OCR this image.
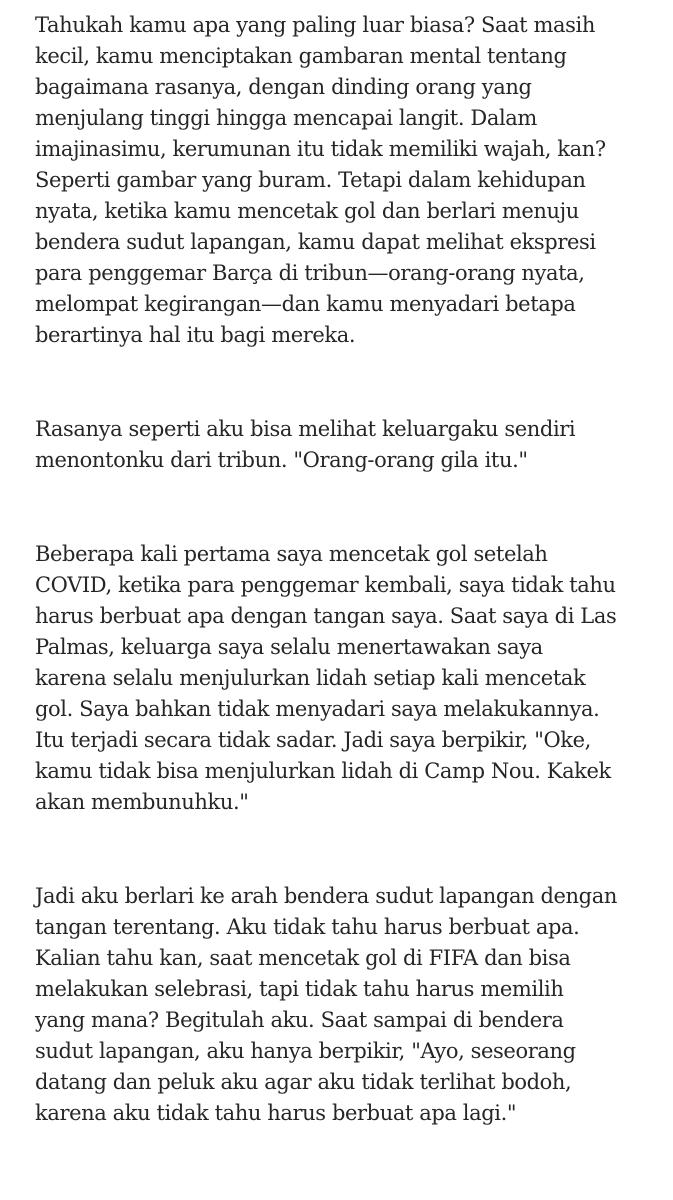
Tahukah kamu apa yang paling luar biasa? Saat masih
kecil, kamu menciptakan gambaran mental tentang
bagaimana rasanya, dengan dinding orang yang
menjulang tinggi hingga mencapai langit. Dalam
imajinasimu, kerumunan itu tidak memiliki wajah, kan?
Seperti gambar yang buram. Tetapi dalam kehidupan
nyata, ketika kamu mencetak gol dan berlari menuju
bendera sudut lapangan, kamu dapat melihat ekspresi
para penggemar Barça di tribun—orang-orang nyata,
melompat kegirangan—dan kamu menyadari betapa
berartinya hal itu bagi mereka.

Rasanya seperti aku bisa melihat keluargaku sendiri
menontonku dari tribun. "Orang-orang gila itu."

Beberapa kali pertama saya mencetak gol setelah
COVID, ketika para penggemar kembali, saya tidak tahu
harus berbuat apa dengan tangan saya. Saat saya di Las
Palmas, keluarga saya selalu menertawakan saya
karena selalu menjulurkan lidah setiap kali mencetak
gol. Saya bahkan tidak menyadari saya melakukannya.
Itu terjadi secara tidak sadar. Jadi saya berpikir, "Oke,
kamu tidak bisa menjulurkan lidah di Camp Nou. Kakek
akan membunuhku."

Jadi aku berlari ke arah bendera sudut lapangan dengan
tangan terentang. Aku tidak tahu harus berbuat apa.
Kalian tahu kan, saat mencetak gol di FIFA dan bisa
melakukan selebrasi, tapi tidak tahu harus memilih
yang mana? Begitulah aku. Saat sampai di bendera
sudut lapangan, aku hanya berpikir, "Ayo, seseorang
datang dan peluk aku agar aku tidak terlihat bodoh,
karena aku tidak tahu harus berbuat apa lagi."
